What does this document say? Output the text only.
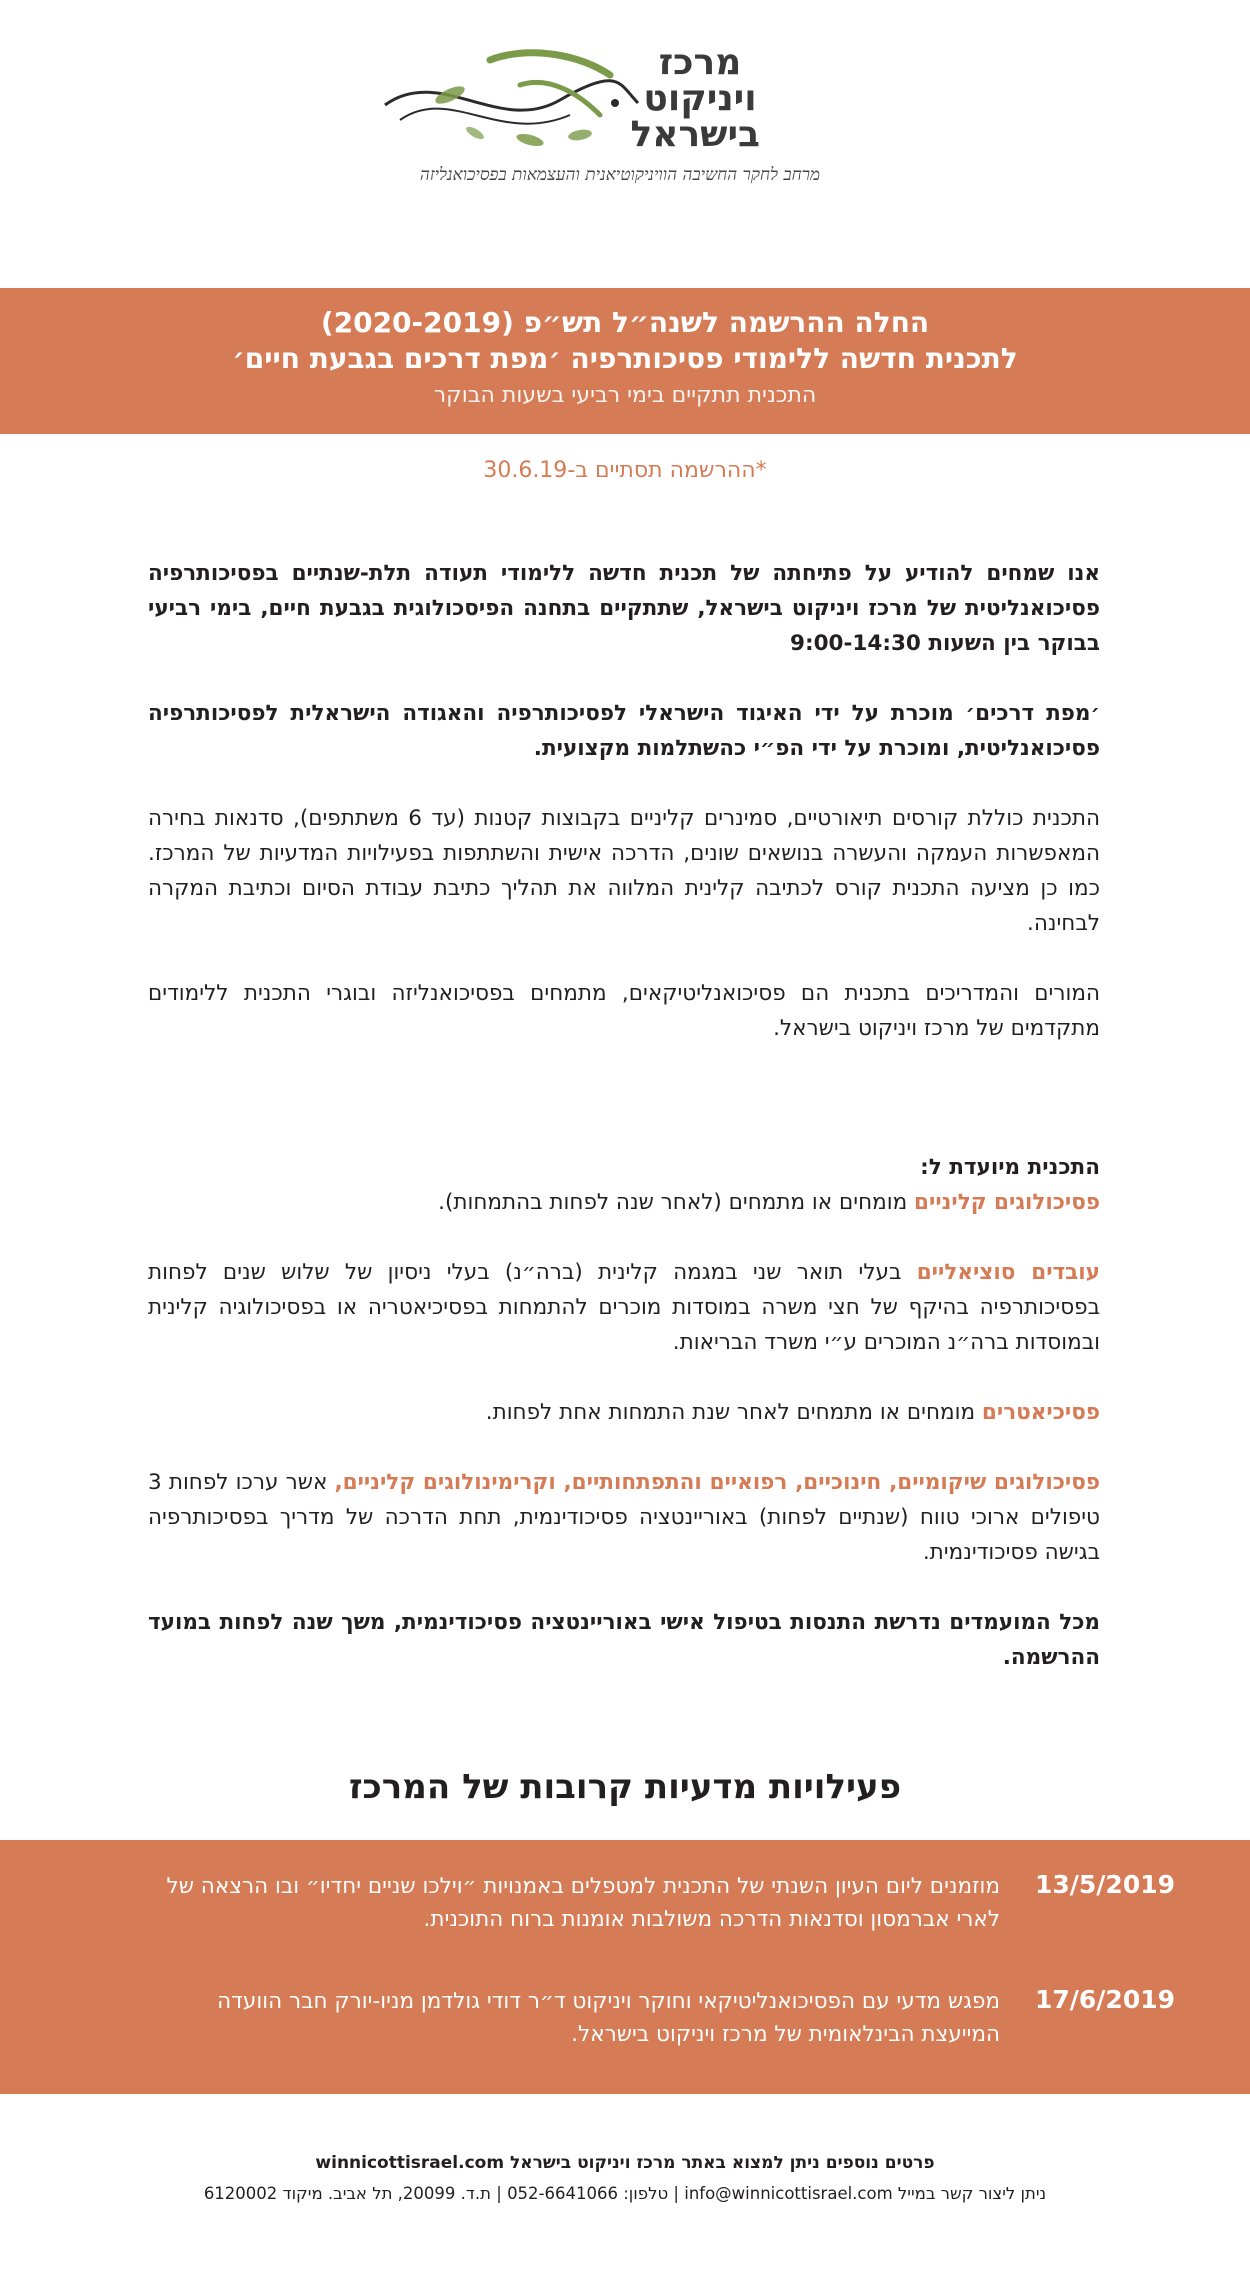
מרכז
ויניקוט
בישראל
מרחב לחקר החשיבה הוויניקוטיאנית והעצמאות בפסיכואנליזה
החלה ההרשמה לשנה״ל תש״פ (2020-2019)
לתכנית חדשה ללימודי פסיכותרפיה ׳מפת דרכים בגבעת חיים׳
התכנית תתקיים בימי רביעי בשעות הבוקר
*ההרשמה תסתיים ב-30.6.19
אנו שמחים להודיע על פתיחתה של תכנית חדשה ללימודי תעודה תלת-שנתיים בפסיכותרפיה פסיכואנליטית של מרכז ויניקוט בישראל, שתתקיים בתחנה הפיסכולוגית בגבעת חיים, בימי רביעי בבוקר בין השעות 9:00-14:30
׳מפת דרכים׳ מוכרת על ידי האיגוד הישראלי לפסיכותרפיה והאגודה הישראלית לפסיכותרפיה פסיכואנליטית, ומוכרת על ידי הפ״י כהשתלמות מקצועית.
התכנית כוללת קורסים תיאורטיים, סמינרים קליניים בקבוצות קטנות (עד 6 משתתפים), סדנאות בחירה המאפשרות העמקה והעשרה בנושאים שונים, הדרכה אישית והשתתפות בפעילויות המדעיות של המרכז. כמו כן מציעה התכנית קורס לכתיבה קלינית המלווה את תהליך כתיבת עבודת הסיום וכתיבת המקרה לבחינה.
המורים והמדריכים בתכנית הם פסיכואנליטיקאים, מתמחים בפסיכואנליזה ובוגרי התכנית ללימודים מתקדמים של מרכז ויניקוט בישראל.
התכנית מיועדת ל:
פסיכולוגים קליניים מומחים או מתמחים (לאחר שנה לפחות בהתמחות).
עובדים סוציאליים בעלי תואר שני במגמה קלינית (ברה״נ) בעלי ניסיון של שלוש שנים לפחות בפסיכותרפיה בהיקף של חצי משרה במוסדות מוכרים להתמחות בפסיכיאטריה או בפסיכולוגיה קלינית ובמוסדות ברה״נ המוכרים ע״י משרד הבריאות.
פסיכיאטרים מומחים או מתמחים לאחר שנת התמחות אחת לפחות.
פסיכולוגים שיקומיים, חינוכיים, רפואיים והתפתחותיים, וקרימינולוגים קליניים, אשר ערכו לפחות 3 טיפולים ארוכי טווח (שנתיים לפחות) באוריינטציה פסיכודינמית, תחת הדרכה של מדריך בפסיכותרפיה בגישה פסיכודינמית.
מכל המועמדים נדרשת התנסות בטיפול אישי באוריינטציה פסיכודינמית, משך שנה לפחות במועד ההרשמה.
פעילויות מדעיות קרובות של המרכז
13/5/2019
מוזמנים ליום העיון השנתי של התכנית למטפלים באמנויות ״וילכו שניים יחדיו״ ובו הרצאה של לארי אברמסון וסדנאות הדרכה משולבות אומנות ברוח התוכנית.
17/6/2019
מפגש מדעי עם הפסיכואנליטיקאי וחוקר ויניקוט ד״ר דודי גולדמן מניו-יורק חבר הוועדה המייעצת הבינלאומית של מרכז ויניקוט בישראל.
פרטים נוספים ניתן למצוא באתר מרכז ויניקוט בישראל winnicottisrael.com
ניתן ליצור קשר במייל info@winnicottisrael.com | טלפון: 052-6641066 | ת.ד. 20099, תל אביב. מיקוד 6120002
